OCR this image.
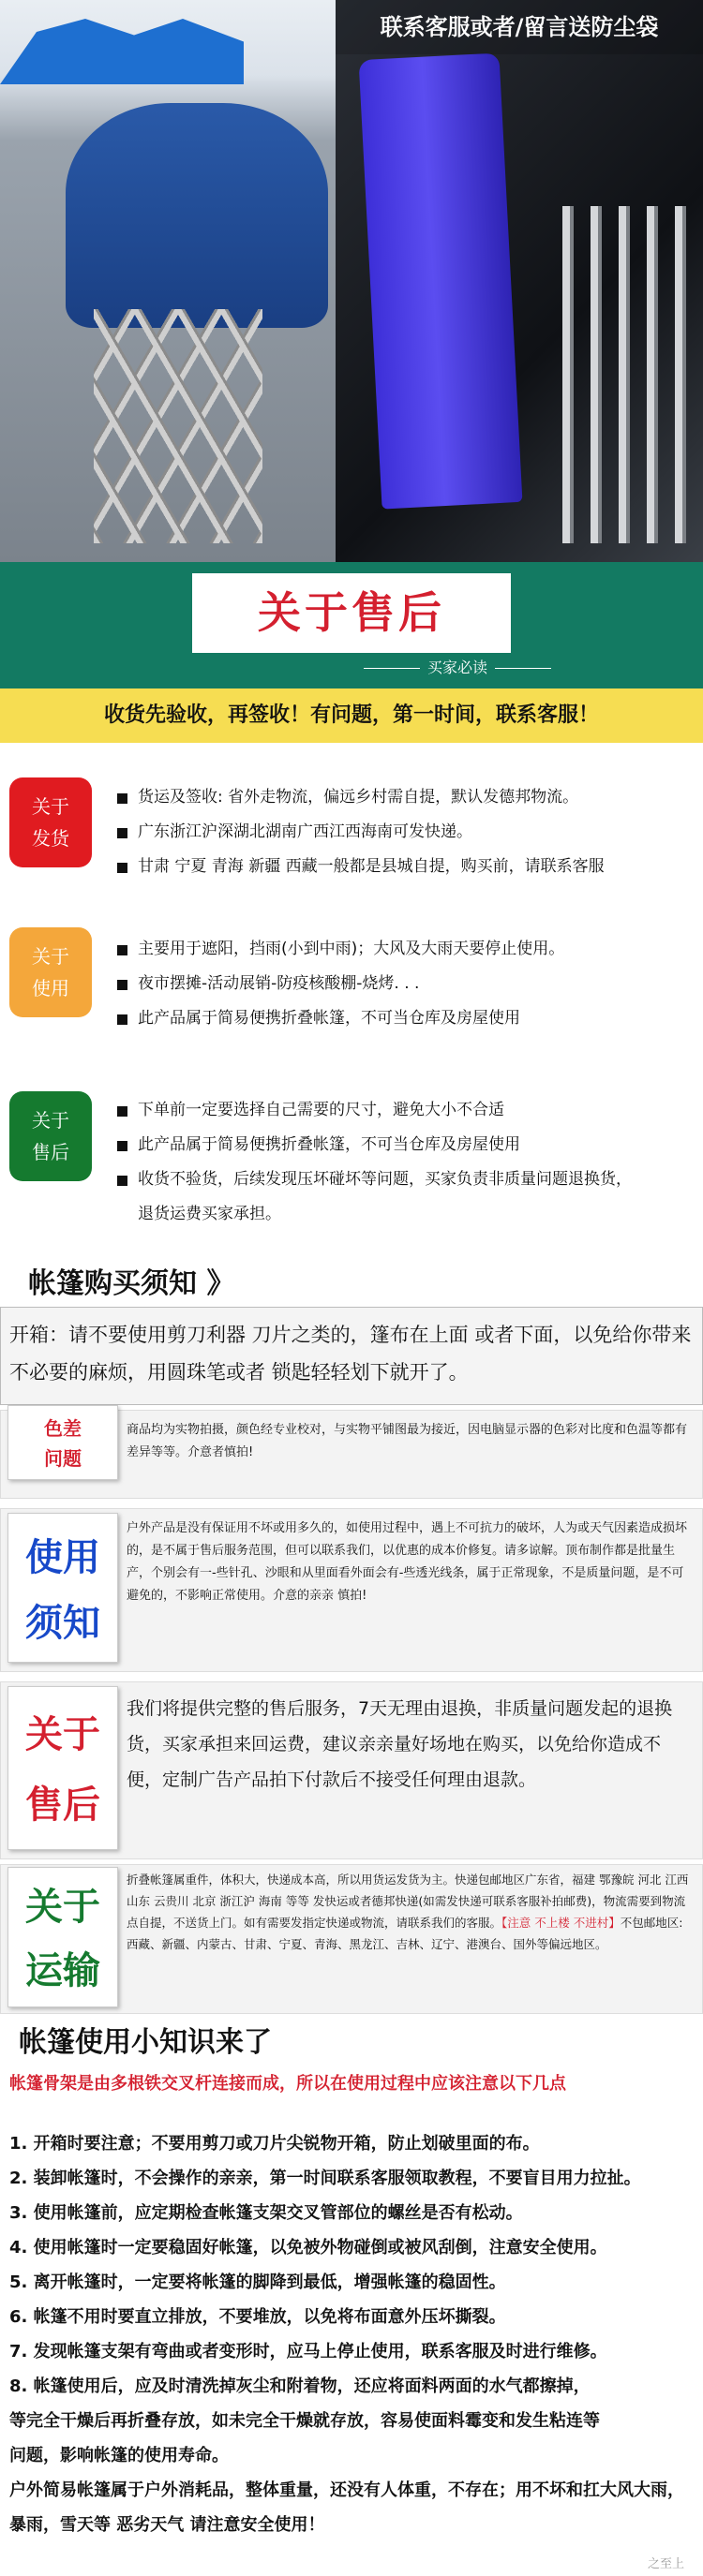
联系客服或者/留言送防尘袋
关于售后
买家必读
收货先验收，再签收！有问题，第一时间，联系客服！
关于
发货
货运及签收: 省外走物流，偏远乡村需自提，默认发德邦物流。
广东浙江沪深湖北湖南广西江西海南可发快递。
甘肃 宁夏 青海 新疆 西藏一般都是县城自提，购买前，请联系客服
关于
使用
主要用于遮阳，挡雨(小到中雨)；大风及大雨天要停止使用。
夜市摆摊-活动展销-防疫核酸棚-烧烤. . .
此产品属于简易便携折叠帐篷，不可当仓库及房屋使用
关于
售后
下单前一定要选择自己需要的尺寸，避免大小不合适
此产品属于简易便携折叠帐篷，不可当仓库及房屋使用
收货不验货，后续发现压坏碰坏等问题，买家负责非质量问题退换货，
退货运费买家承担。
帐篷购买须知 》
开箱：请不要使用剪刀利器 刀片之类的，篷布在上面 或者下面，以免给你带来不必要的麻烦，用圆珠笔或者 锁匙轻轻划下就开了。
色差
问题
商品均为实物拍摄，颜色经专业校对，与实物平铺图最为接近，因电脑显示器的色彩对比度和色温等都有差异等等。介意者慎拍!
使用
须知
户外产品是没有保证用不坏或用多久的，如使用过程中，遇上不可抗力的破坏，人为或天气因素造成损坏的，是不属于售后服务范围，但可以联系我们，以优惠的成本价修复。请多谅解。顶布制作都是批量生产，个别会有一-些针孔、沙眼和从里面看外面会有-些透光线条，属于正常现象，不是质量问题，是不可避免的，不影响正常使用。介意的亲亲 慎拍!
关于
售后
我们将提供完整的售后服务，7天无理由退换，非质量问题发起的退换货，买家承担来回运费，建议亲亲量好场地在购买，以免给你造成不便，定制广告产品拍下付款后不接受任何理由退款。
关于
运输
折叠帐篷属重件，体积大，快递成本高，所以用货运发货为主。快递包邮地区广东省，福建 鄂豫皖 河北 江西 山东 云贵川 北京 浙江沪 海南 等等 发快运或者德邦快递(如需发快递可联系客服补拍邮费)，物流需要到物流点自提，不送货上门。如有需要发指定快递或物流，请联系我们的客服。【注意 不上楼 不进村】不包邮地区:西藏、新疆、内蒙古、甘肃、宁夏、青海、黑龙江、吉林、辽宁、港澳台、国外等偏远地区。
帐篷使用小知识来了
帐篷骨架是由多根铁交叉杆连接而成，所以在使用过程中应该注意以下几点
1. 开箱时要注意；不要用剪刀或刀片尖锐物开箱，防止划破里面的布。
2. 装卸帐篷时，不会操作的亲亲，第一时间联系客服领取教程，不要盲目用力拉扯。
3. 使用帐篷前，应定期检查帐篷支架交叉管部位的螺丝是否有松动。
4. 使用帐篷时一定要稳固好帐篷，以免被外物碰倒或被风刮倒，注意安全使用。
5. 离开帐篷时，一定要将帐篷的脚降到最低，增强帐篷的稳固性。
6. 帐篷不用时要直立排放，不要堆放，以免将布面意外压坏撕裂。
7. 发现帐篷支架有弯曲或者变形时，应马上停止使用，联系客服及时进行维修。
8. 帐篷使用后，应及时清洗掉灰尘和附着物，还应将面料两面的水气都擦掉，
等完全干燥后再折叠存放，如未完全干燥就存放，容易使面料霉变和发生粘连等
问题，影响帐篷的使用寿命。
户外简易帐篷属于户外消耗品，整体重量，还没有人体重，不存在；用不坏和扛大风大雨，暴雨，雪天等 恶劣天气 请注意安全使用！
之至上
